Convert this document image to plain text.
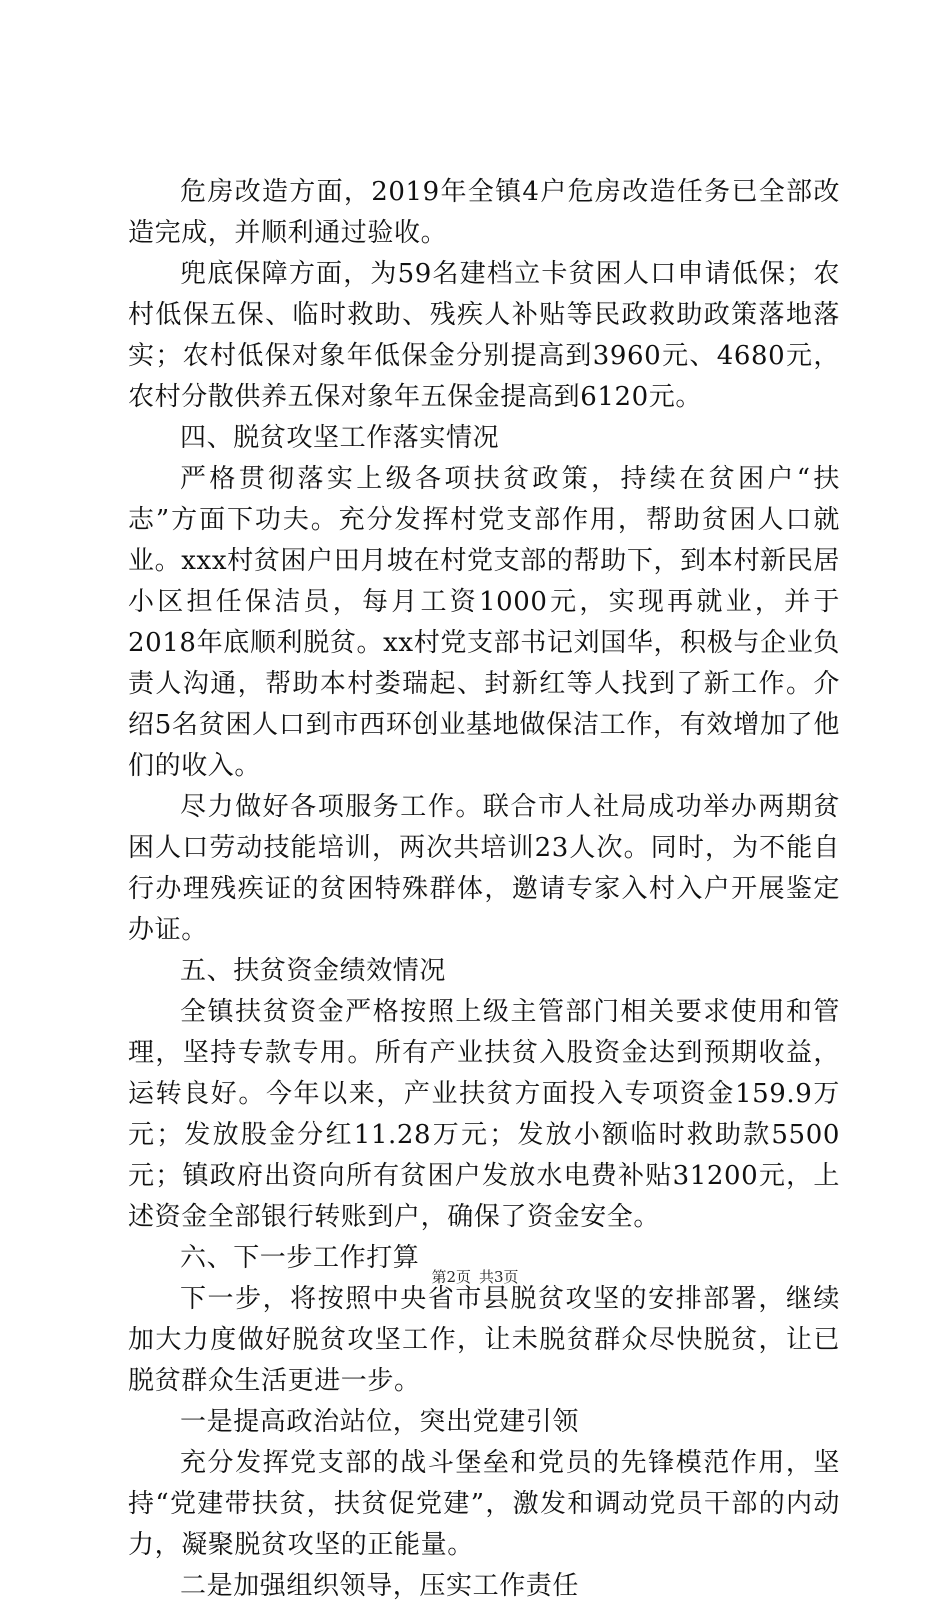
危房改造方面，2019年全镇4户危房改造任务已全部改造完成，并顺利通过验收。

兜底保障方面，为59名建档立卡贫困人口申请低保；农村低保五保、临时救助、残疾人补贴等民政救助政策落地落实；农村低保对象年低保金分别提高到3960元、4680元，农村分散供养五保对象年五保金提高到6120元。

四、脱贫攻坚工作落实情况

严格贯彻落实上级各项扶贫政策，持续在贫困户“扶志”方面下功夫。充分发挥村党支部作用，帮助贫困人口就业。xxx村贫困户田月坡在村党支部的帮助下，到本村新民居小区担任保洁员，每月工资1000元，实现再就业，并于2018年底顺利脱贫。xx村党支部书记刘国华，积极与企业负责人沟通，帮助本村娄瑞起、封新红等人找到了新工作。介绍5名贫困人口到市西环创业基地做保洁工作，有效增加了他们的收入。

尽力做好各项服务工作。联合市人社局成功举办两期贫困人口劳动技能培训，两次共培训23人次。同时，为不能自行办理残疾证的贫困特殊群体，邀请专家入村入户开展鉴定办证。

五、扶贫资金绩效情况

全镇扶贫资金严格按照上级主管部门相关要求使用和管理，坚持专款专用。所有产业扶贫入股资金达到预期收益，运转良好。今年以来，产业扶贫方面投入专项资金159.9万元；发放股金分红11.28万元；发放小额临时救助款5500元；镇政府出资向所有贫困户发放水电费补贴31200元，上述资金全部银行转账到户，确保了资金安全。

六、下一步工作打算

下一步，将按照中央省市县脱贫攻坚的安排部署，继续加大力度做好脱贫攻坚工作，让未脱贫群众尽快脱贫，让已脱贫群众生活更进一步。

一是提高政治站位，突出党建引领

充分发挥党支部的战斗堡垒和党员的先锋模范作用，坚持“党建带扶贫，扶贫促党建”，激发和调动党员干部的内动力，凝聚脱贫攻坚的正能量。

二是加强组织领导，压实工作责任

第2页 共3页
